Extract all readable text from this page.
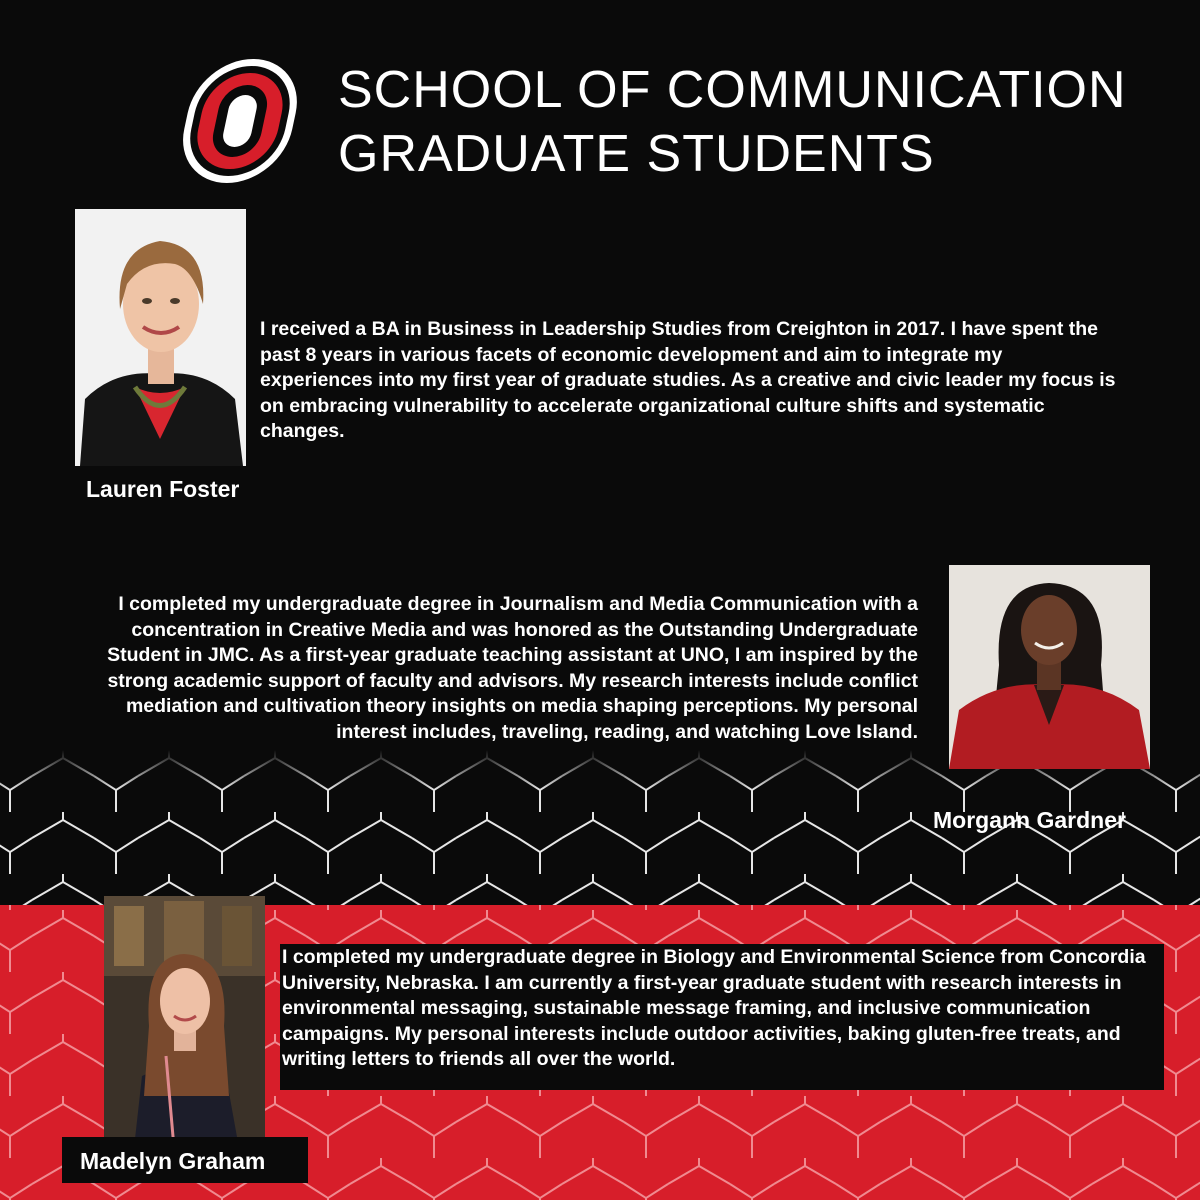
SCHOOL OF COMMUNICATION
GRADUATE STUDENTS
Lauren Foster
I received a BA in Business in Leadership Studies from Creighton in 2017. I have spent the past 8 years in various facets of economic development and aim to integrate my experiences into my first year of graduate studies. As a creative and civic leader my focus is on embracing vulnerability to accelerate organizational culture shifts and systematic changes.
I completed my undergraduate degree in Journalism and Media Communication with a concentration in Creative Media and was honored as the Outstanding Undergraduate Student in JMC. As a first-year graduate teaching assistant at UNO, I am inspired by the strong academic support of faculty and advisors. My research interests include conflict mediation and cultivation theory insights on media shaping perceptions. My personal interest includes, traveling, reading, and watching Love Island.
Morgann Gardner
I completed my undergraduate degree in Biology and Environmental Science from Concordia University, Nebraska. I am currently a first-year graduate student with research interests in environmental messaging, sustainable message framing, and inclusive communication campaigns. My personal interests include outdoor activities, baking gluten-free treats, and writing letters to friends all over the world.
Madelyn Graham
